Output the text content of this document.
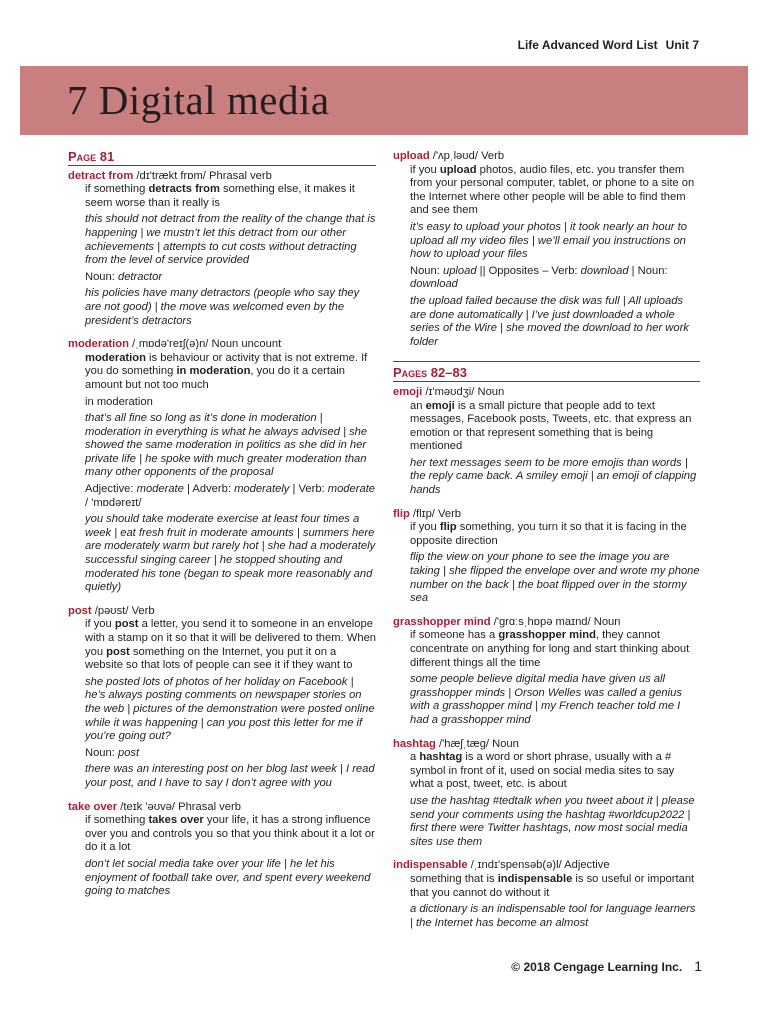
Life Advanced Word List Unit 7
7 Digital media
Page 81

detract from /dɪ'trækt frɒm/ Phrasal verb

if something detracts from something else, it makes it seem worse than it really is

this should not detract from the reality of the change that is happening | we mustn’t let this detract from our other achievements | attempts to cut costs without detracting from the level of service provided

Noun: detractor

his policies have many detractors (people who say they are not good) | the move was welcomed even by the president’s detractors

moderation /ˌmɒdə'reɪʃ(ə)n/ Noun uncount

moderation is behaviour or activity that is not extreme. If you do something in moderation, you do it a certain amount but not too much

in moderation

that’s all fine so long as it’s done in moderation | moderation in everything is what he always advised | she showed the same moderation in politics as she did in her private life | he spoke with much greater moderation than many other opponents of the proposal

Adjective: moderate | Adverb: moderately | Verb: moderate / 'mɒdəreɪt/

you should take moderate exercise at least four times a week | eat fresh fruit in moderate amounts | summers here are moderately warm but rarely hot | she had a moderately successful singing career | he stopped shouting and moderated his tone (began to speak more reasonably and quietly)

post /pəʊst/ Verb

if you post a letter, you send it to someone in an envelope with a stamp on it so that it will be delivered to them. When you post something on the Internet, you put it on a website so that lots of people can see it if they want to

she posted lots of photos of her holiday on Facebook | he’s always posting comments on newspaper stories on the web | pictures of the demonstration were posted online while it was happening | can you post this letter for me if you’re going out?

Noun: post

there was an interesting post on her blog last week | I read your post, and I have to say I don’t agree with you

take over /teɪk 'əʊvə/ Phrasal verb

if something takes over your life, it has a strong influence over you and controls you so that you think about it a lot or do it a lot

don’t let social media take over your life | he let his enjoyment of football take over, and spent every weekend going to matches

upload /'ʌpˌləʊd/ Verb

if you upload photos, audio files, etc. you transfer them from your personal computer, tablet, or phone to a site on the Internet where other people will be able to find them and see them

it’s easy to upload your photos | it took nearly an hour to upload all my video files | we’ll email you instructions on how to upload your files

Noun: upload || Opposites – Verb: download | Noun: download

the upload failed because the disk was full | All uploads are done automatically | I’ve just downloaded a whole series of the Wire | she moved the download to her work folder

Pages 82–83

emoji /ɪ'məʊdʒi/ Noun

an emoji is a small picture that people add to text messages, Facebook posts, Tweets, etc. that express an emotion or that represent something that is being mentioned

her text messages seem to be more emojis than words | the reply came back. A smiley emoji | an emoji of clapping hands

flip /flɪp/ Verb

if you flip something, you turn it so that it is facing in the opposite direction

flip the view on your phone to see the image you are taking | she flipped the envelope over and wrote my phone number on the back | the boat flipped over in the stormy sea

grasshopper mind /'grɑːsˌhɒpə maɪnd/ Noun

if someone has a grasshopper mind, they cannot concentrate on anything for long and start thinking about different things all the time

some people believe digital media have given us all grasshopper minds | Orson Welles was called a genius with a grasshopper mind | my French teacher told me I had a grasshopper mind

hashtag /'hæʃˌtæg/ Noun

a hashtag is a word or short phrase, usually with a # symbol in front of it, used on social media sites to say what a post, tweet, etc. is about

use the hashtag #tedtalk when you tweet about it | please send your comments using the hashtag #worldcup2022 | first there were Twitter hashtags, now most social media sites use them

indispensable /ˌɪndɪ'spensəb(ə)l/ Adjective

something that is indispensable is so useful or important that you cannot do without it

a dictionary is an indispensable tool for language learners | the Internet has become an almost

© 2018 Cengage Learning Inc. 1
